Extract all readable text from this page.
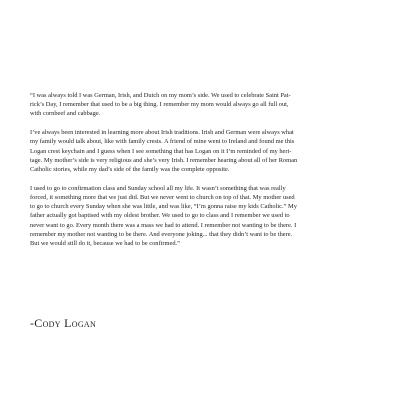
“I was always told I was German, Irish, and Dutch on my mom’s side. We used to celebrate Saint Pat-
rick’s Day, I remember that used to be a big thing. I remember my mom would always go all full out,
with cornbeef and cabbage.
I’ve always been interested in learning more about Irish traditions. Irish and German were always what
my family would talk about, like with family crests. A friend of mine went to Ireland and found me this
Logan crest keychain and I guess when I see something that has Logan on it I’m reminded of my heri-
tage. My mother’s side is very religious and she’s very Irish. I remember hearing about all of her Roman
Catholic stories, while my dad’s side of the family was the complete opposite.
I used to go to confirmation class and Sunday school all my life. It wasn’t something that was really
forced, it something more that we just did. But we never went to church on top of that. My mother used
to go to church every Sunday when she was little, and was like, “I’m gonna raise my kids Catholic.” My
father actually got baptised with my oldest brother. We used to go to class and I remember we used to
never want to go. Every month there was a mass we had to attend. I remember not wanting to be there. I
remember my mother not wanting to be there. And everyone joking... that they didn’t want to be there.
But we would still do it, because we had to be confirmed.”
-Cody Logan
